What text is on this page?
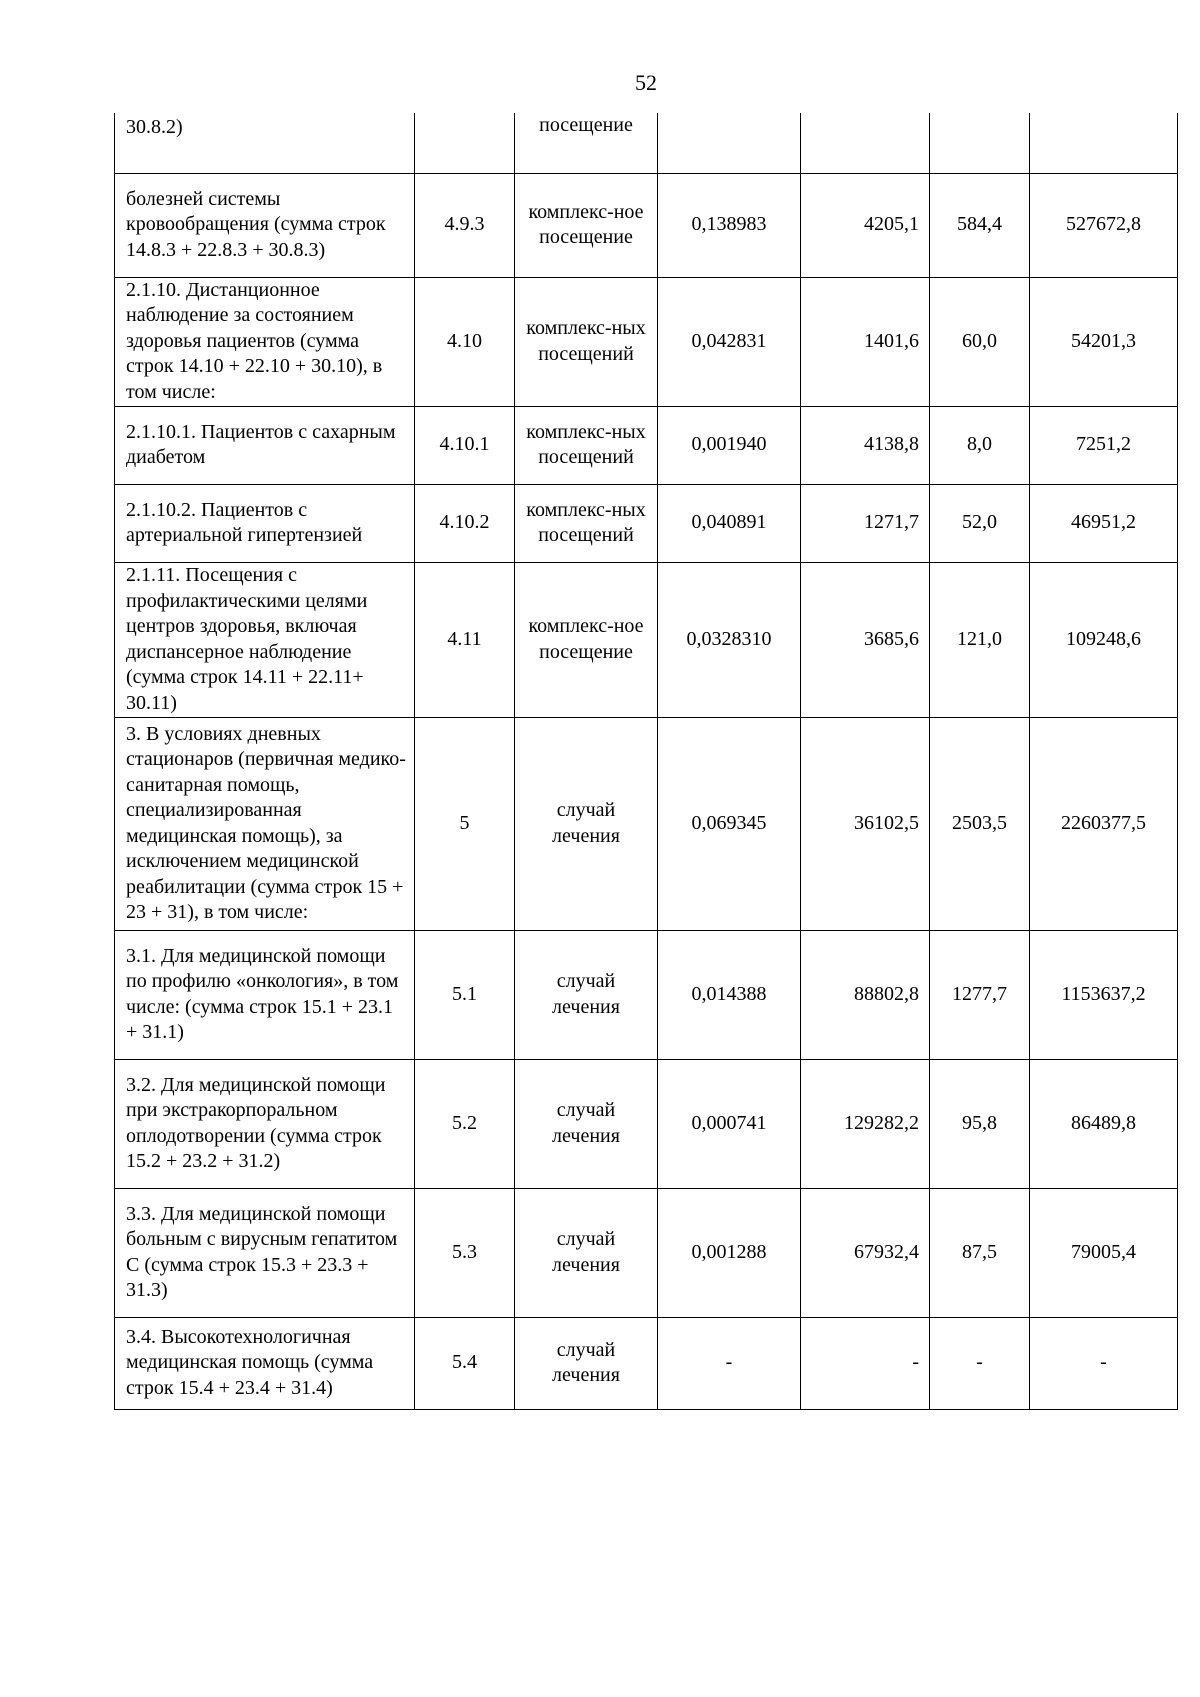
52
30.8.2)		посещение				
болезней системы кровообращения (сумма строк 14.8.3 + 22.8.3 + 30.8.3)	4.9.3	комплекс-ное посещение	0,138983	4205,1	584,4	527672,8
2.1.10. Дистанционное наблюдение за состоянием здоровья пациентов (сумма строк 14.10 + 22.10 + 30.10), в том числе:	4.10	комплекс-ных посещений	0,042831	1401,6	60,0	54201,3
2.1.10.1. Пациентов с сахарным диабетом	4.10.1	комплекс-ных посещений	0,001940	4138,8	8,0	7251,2
2.1.10.2. Пациентов с артериальной гипертензией	4.10.2	комплекс-ных посещений	0,040891	1271,7	52,0	46951,2
2.1.11. Посещения с профилактическими целями центров здоровья, включая диспансерное наблюдение (сумма строк 14.11 + 22.11+ 30.11)	4.11	комплекс-ное посещение	0,0328310	3685,6	121,0	109248,6
3. В условиях дневных стационаров (первичная медико-санитарная помощь, специализированная медицинская помощь), за исключением медицинской реабилитации (сумма строк 15 + 23 + 31), в том числе:	5	случай лечения	0,069345	36102,5	2503,5	2260377,5
3.1. Для медицинской помощи по профилю «онкология», в том числе: (сумма строк 15.1 + 23.1 + 31.1)	5.1	случай лечения	0,014388	88802,8	1277,7	1153637,2
3.2. Для медицинской помощи при экстракорпоральном оплодотворении (сумма строк 15.2 + 23.2 + 31.2)	5.2	случай лечения	0,000741	129282,2	95,8	86489,8
3.3. Для медицинской помощи больным с вирусным гепатитом С (сумма строк 15.3 + 23.3 + 31.3)	5.3	случай лечения	0,001288	67932,4	87,5	79005,4
3.4. Высокотехнологичная медицинская помощь (сумма строк 15.4 + 23.4 + 31.4)	5.4	случай лечения	-	-	-	-
